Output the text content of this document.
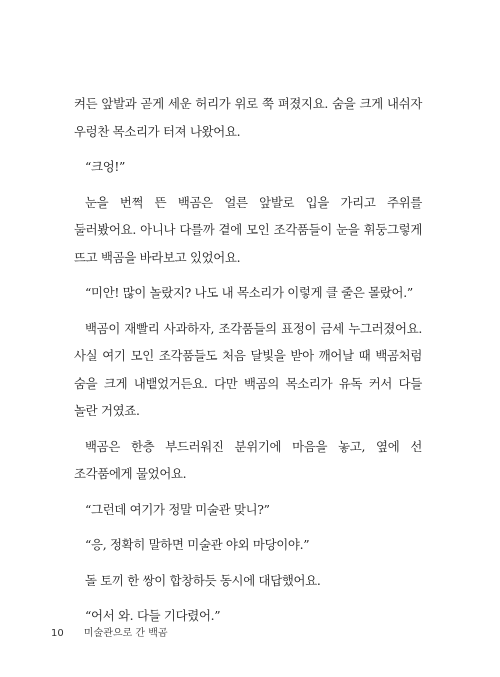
켜든 앞발과 곧게 세운 허리가 위로 쭉 펴졌지요. 숨을 크게 내쉬자 우렁찬 목소리가 터져 나왔어요.

“크엉!”

눈을 번쩍 뜬 백곰은 얼른 앞발로 입을 가리고 주위를 둘러봤어요. 아니나 다를까 곁에 모인 조각품들이 눈을 휘둥그렇게 뜨고 백곰을 바라보고 있었어요.

“미안! 많이 놀랐지? 나도 내 목소리가 이렇게 클 줄은 몰랐어.”

백곰이 재빨리 사과하자, 조각품들의 표정이 금세 누그러졌어요. 사실 여기 모인 조각품들도 처음 달빛을 받아 깨어날 때 백곰처럼 숨을 크게 내뱉었거든요. 다만 백곰의 목소리가 유독 커서 다들 놀란 거였죠.

백곰은 한층 부드러워진 분위기에 마음을 놓고, 옆에 선 조각품에게 물었어요.

“그런데 여기가 정말 미술관 맞니?”

“응, 정확히 말하면 미술관 야외 마당이야.”

돌 토끼 한 쌍이 합창하듯 동시에 대답했어요.

“어서 와. 다들 기다렸어.”

10 미술관으로 간 백곰
